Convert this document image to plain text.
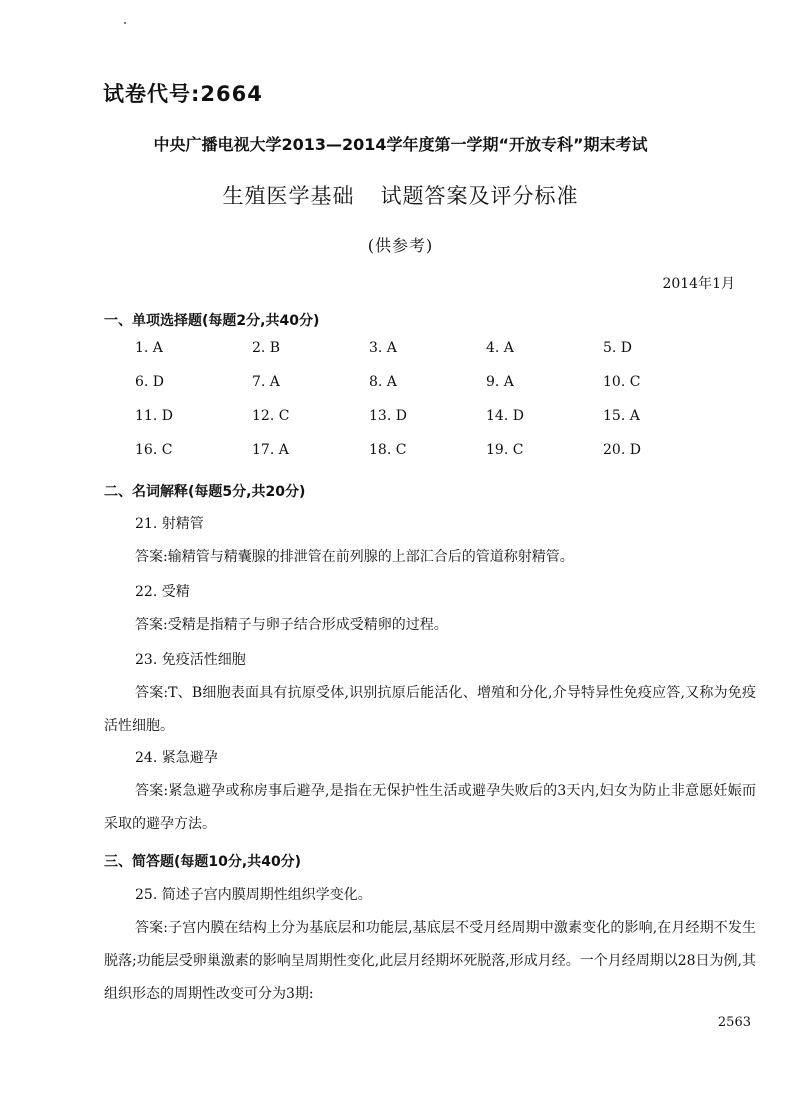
试卷代号:2664
中央广播电视大学2013—2014学年度第一学期“开放专科”期末考试
生殖医学基础 试题答案及评分标准
(供参考)
2014年1月
一、单项选择题(每题2分,共40分)
1. A	2. B	3. A	4. A	5. D
6. D	7. A	8. A	9. A	10. C
11. D	12. C	13. D	14. D	15. A
16. C	17. A	18. C	19. C	20. D
二、名词解释(每题5分,共20分)
21. 射精管
答案:输精管与精囊腺的排泄管在前列腺的上部汇合后的管道称射精管。
22. 受精
答案:受精是指精子与卵子结合形成受精卵的过程。
23. 免疫活性细胞
答案:T、B细胞表面具有抗原受体,识别抗原后能活化、增殖和分化,介导特异性免疫应答,又称为免疫活性细胞。
24. 紧急避孕
答案:紧急避孕或称房事后避孕,是指在无保护性生活或避孕失败后的3天内,妇女为防止非意愿妊娠而采取的避孕方法。
三、简答题(每题10分,共40分)
25. 简述子宫内膜周期性组织学变化。
答案:子宫内膜在结构上分为基底层和功能层,基底层不受月经周期中激素变化的影响,在月经期不发生脱落;功能层受卵巢激素的影响呈周期性变化,此层月经期坏死脱落,形成月经。一个月经周期以28日为例,其组织形态的周期性改变可分为3期:
2563
